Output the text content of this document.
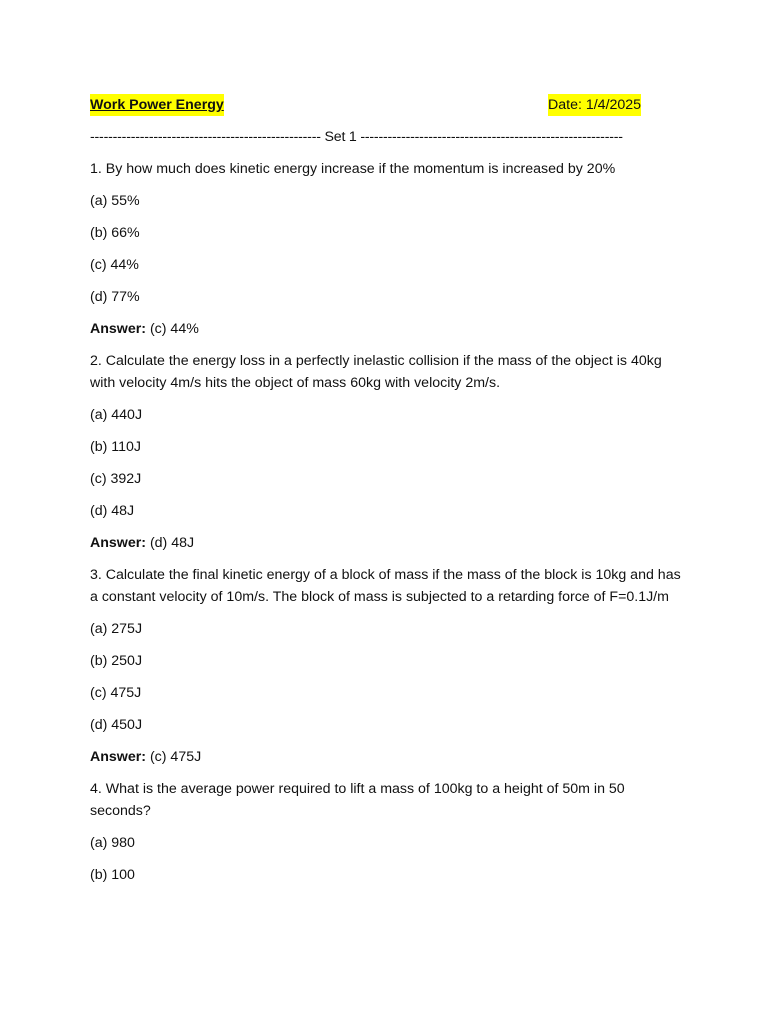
Work Power Energy	Date: 1/4/2025
--------------------------------------------------- Set 1 ----------------------------------------------------------

1. By how much does kinetic energy increase if the momentum is increased by 20%

(a) 55%

(b) 66%

(c) 44%

(d) 77%

Answer: (c) 44%

2. Calculate the energy loss in a perfectly inelastic collision if the mass of the object is 40kg with velocity 4m/s hits the object of mass 60kg with velocity 2m/s.

(a) 440J

(b) 110J

(c) 392J

(d) 48J

Answer: (d) 48J

3. Calculate the final kinetic energy of a block of mass if the mass of the block is 10kg and has a constant velocity of 10m/s. The block of mass is subjected to a retarding force of F=0.1J/m

(a) 275J

(b) 250J

(c) 475J

(d) 450J

Answer: (c) 475J

4. What is the average power required to lift a mass of 100kg to a height of 50m in 50 seconds?

(a) 980

(b) 100
